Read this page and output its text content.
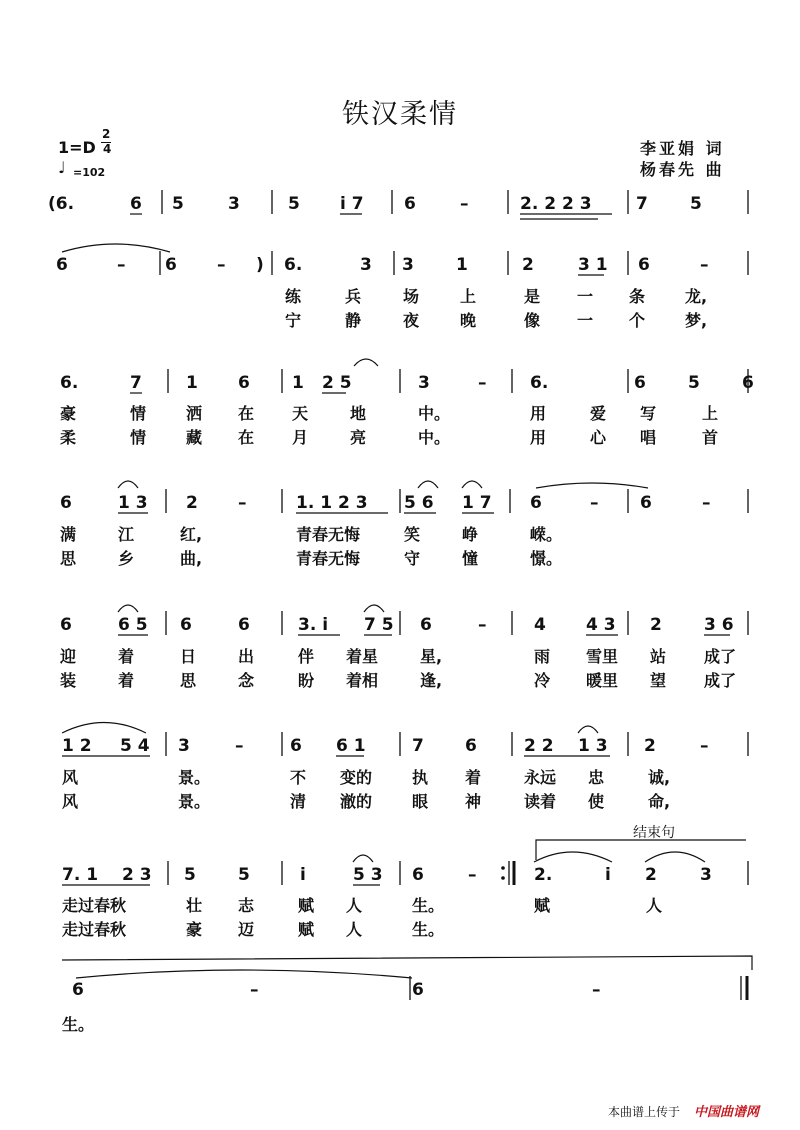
铁汉柔情
1=D
2
4
♩ =102
李亚娟 词
杨春先 曲
结束句
本曲谱上传于 中国曲谱网
(6.	6 5	3	5 i 7 6	–	2. 2 2 3	7 5
6	– 6 – ) 6.	3 3 1	2	3 1 6	–
6.	7	1 6 1 2 5	3	–	6.	6 5 6
6	1 3 2 –	1. 1 2 3 5 6 1 7 6	– 6	–
6	6 5 6	6	3. i 7 5 6	–	4 4 3 2 3 6
1 2 5 4 3	–	6 6 1	7 6	2 2 1 3 2	–
7. 1 2 3 5 5	i	5 3 6	–	2.	i 2	3
6	–	6	–
练	兵	场	上	是 一 条 龙,
宁	静	夜	晚	像 一 个 梦,
豪	情 洒 在 天	地	中。	用	爱 写	上
柔	情 藏 在 月	亮	中。	用	心 唱	首
满	江	红,	青春无悔	笑	峥	嵘。
思	乡	曲,	青春无悔	守	憧	憬。
迎	着	日	出	伴 着星	星,	雨 雪里 站 成了
装	着	思	念	盼 着相	逢,	冷 暖里 望 成了
风	景。	不 变的 执 着	永远 忠	诚,
风	景。	清 澈的 眼 神	读着 使	命,
走过春秋	壮 志	赋 人	生。	赋	人
走过春秋	豪 迈	赋 人	生。
生。
